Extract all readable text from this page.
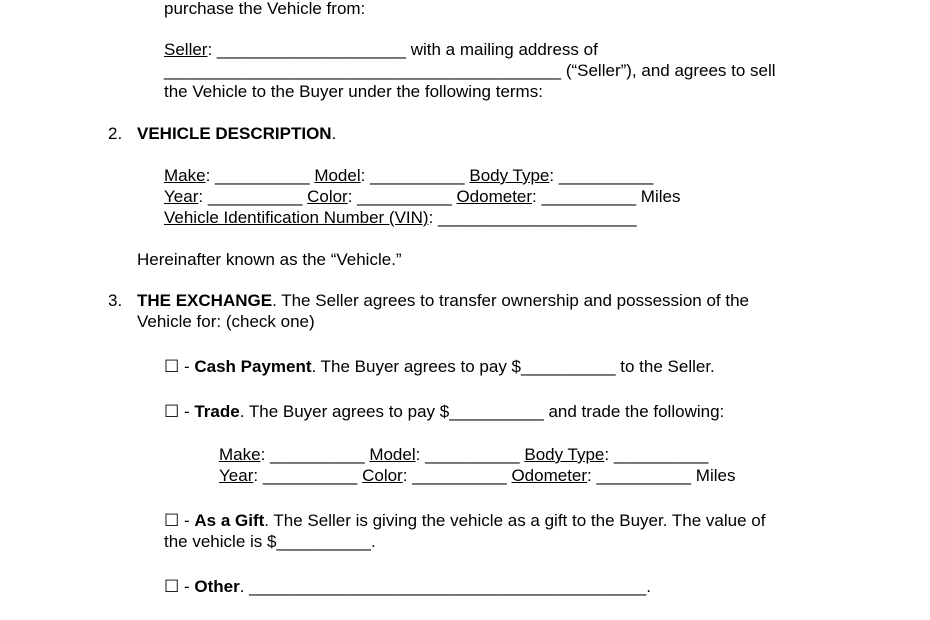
purchase the Vehicle from:
Seller: ____________________ with a mailing address of
__________________________________________ (“Seller”), and agrees to sell
the Vehicle to the Buyer under the following terms:
2. VEHICLE DESCRIPTION.
Make: __________ Model: __________ Body Type: __________
Year: __________ Color: __________ Odometer: __________ Miles
Vehicle Identification Number (VIN): _____________________
Hereinafter known as the “Vehicle.”
3. THE EXCHANGE. The Seller agrees to transfer ownership and possession of the
Vehicle for: (check one)
☐ - Cash Payment. The Buyer agrees to pay $__________ to the Seller.
☐ - Trade. The Buyer agrees to pay $__________ and trade the following:
Make: __________ Model: __________ Body Type: __________
Year: __________ Color: __________ Odometer: __________ Miles
☐ - As a Gift. The Seller is giving the vehicle as a gift to the Buyer. The value of
the vehicle is $__________.
☐ - Other. __________________________________________.
